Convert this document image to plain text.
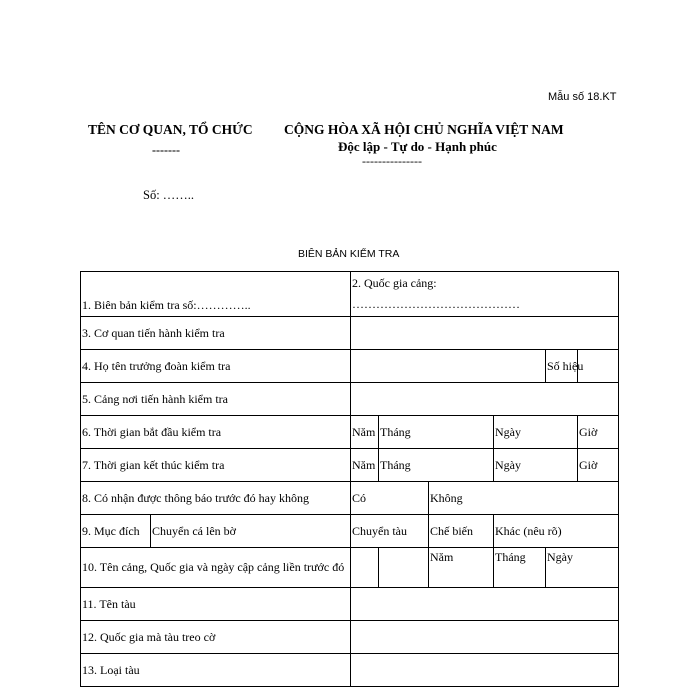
Mẫu số 18.KT
TÊN CƠ QUAN, TỔ CHỨC
-------
CỘNG HÒA XÃ HỘI CHỦ NGHĨA VIỆT NAM
Độc lập - Tự do - Hạnh phúc
---------------
Số: ……..
BIÊN BẢN KIỂM TRA
1. Biên bản kiểm tra số:…………..		2. Quốc gia cảng:
……………………………………					

3. Cơ quan tiến hành kiểm tra							
4. Họ tên trưởng đoàn kiểm tra						Số hiệu	
5. Cảng nơi tiến hành kiểm tra							
6. Thời gian bắt đầu kiểm tra		Năm	Tháng		Ngày		Giờ
7. Thời gian kết thúc kiểm tra		Năm	Tháng		Ngày		Giờ
8. Có nhận được thông báo trước đó hay không		Có		Không			
9. Mục đích	Chuyển cá lên bờ	Chuyển tàu		Chế biến	Khác (nêu rõ)		
10. Tên cảng, Quốc gia và ngày cập cảng liền trước đó				Năm	Tháng	Ngày	
11. Tên tàu							
12. Quốc gia mà tàu treo cờ							
13. Loại tàu							
